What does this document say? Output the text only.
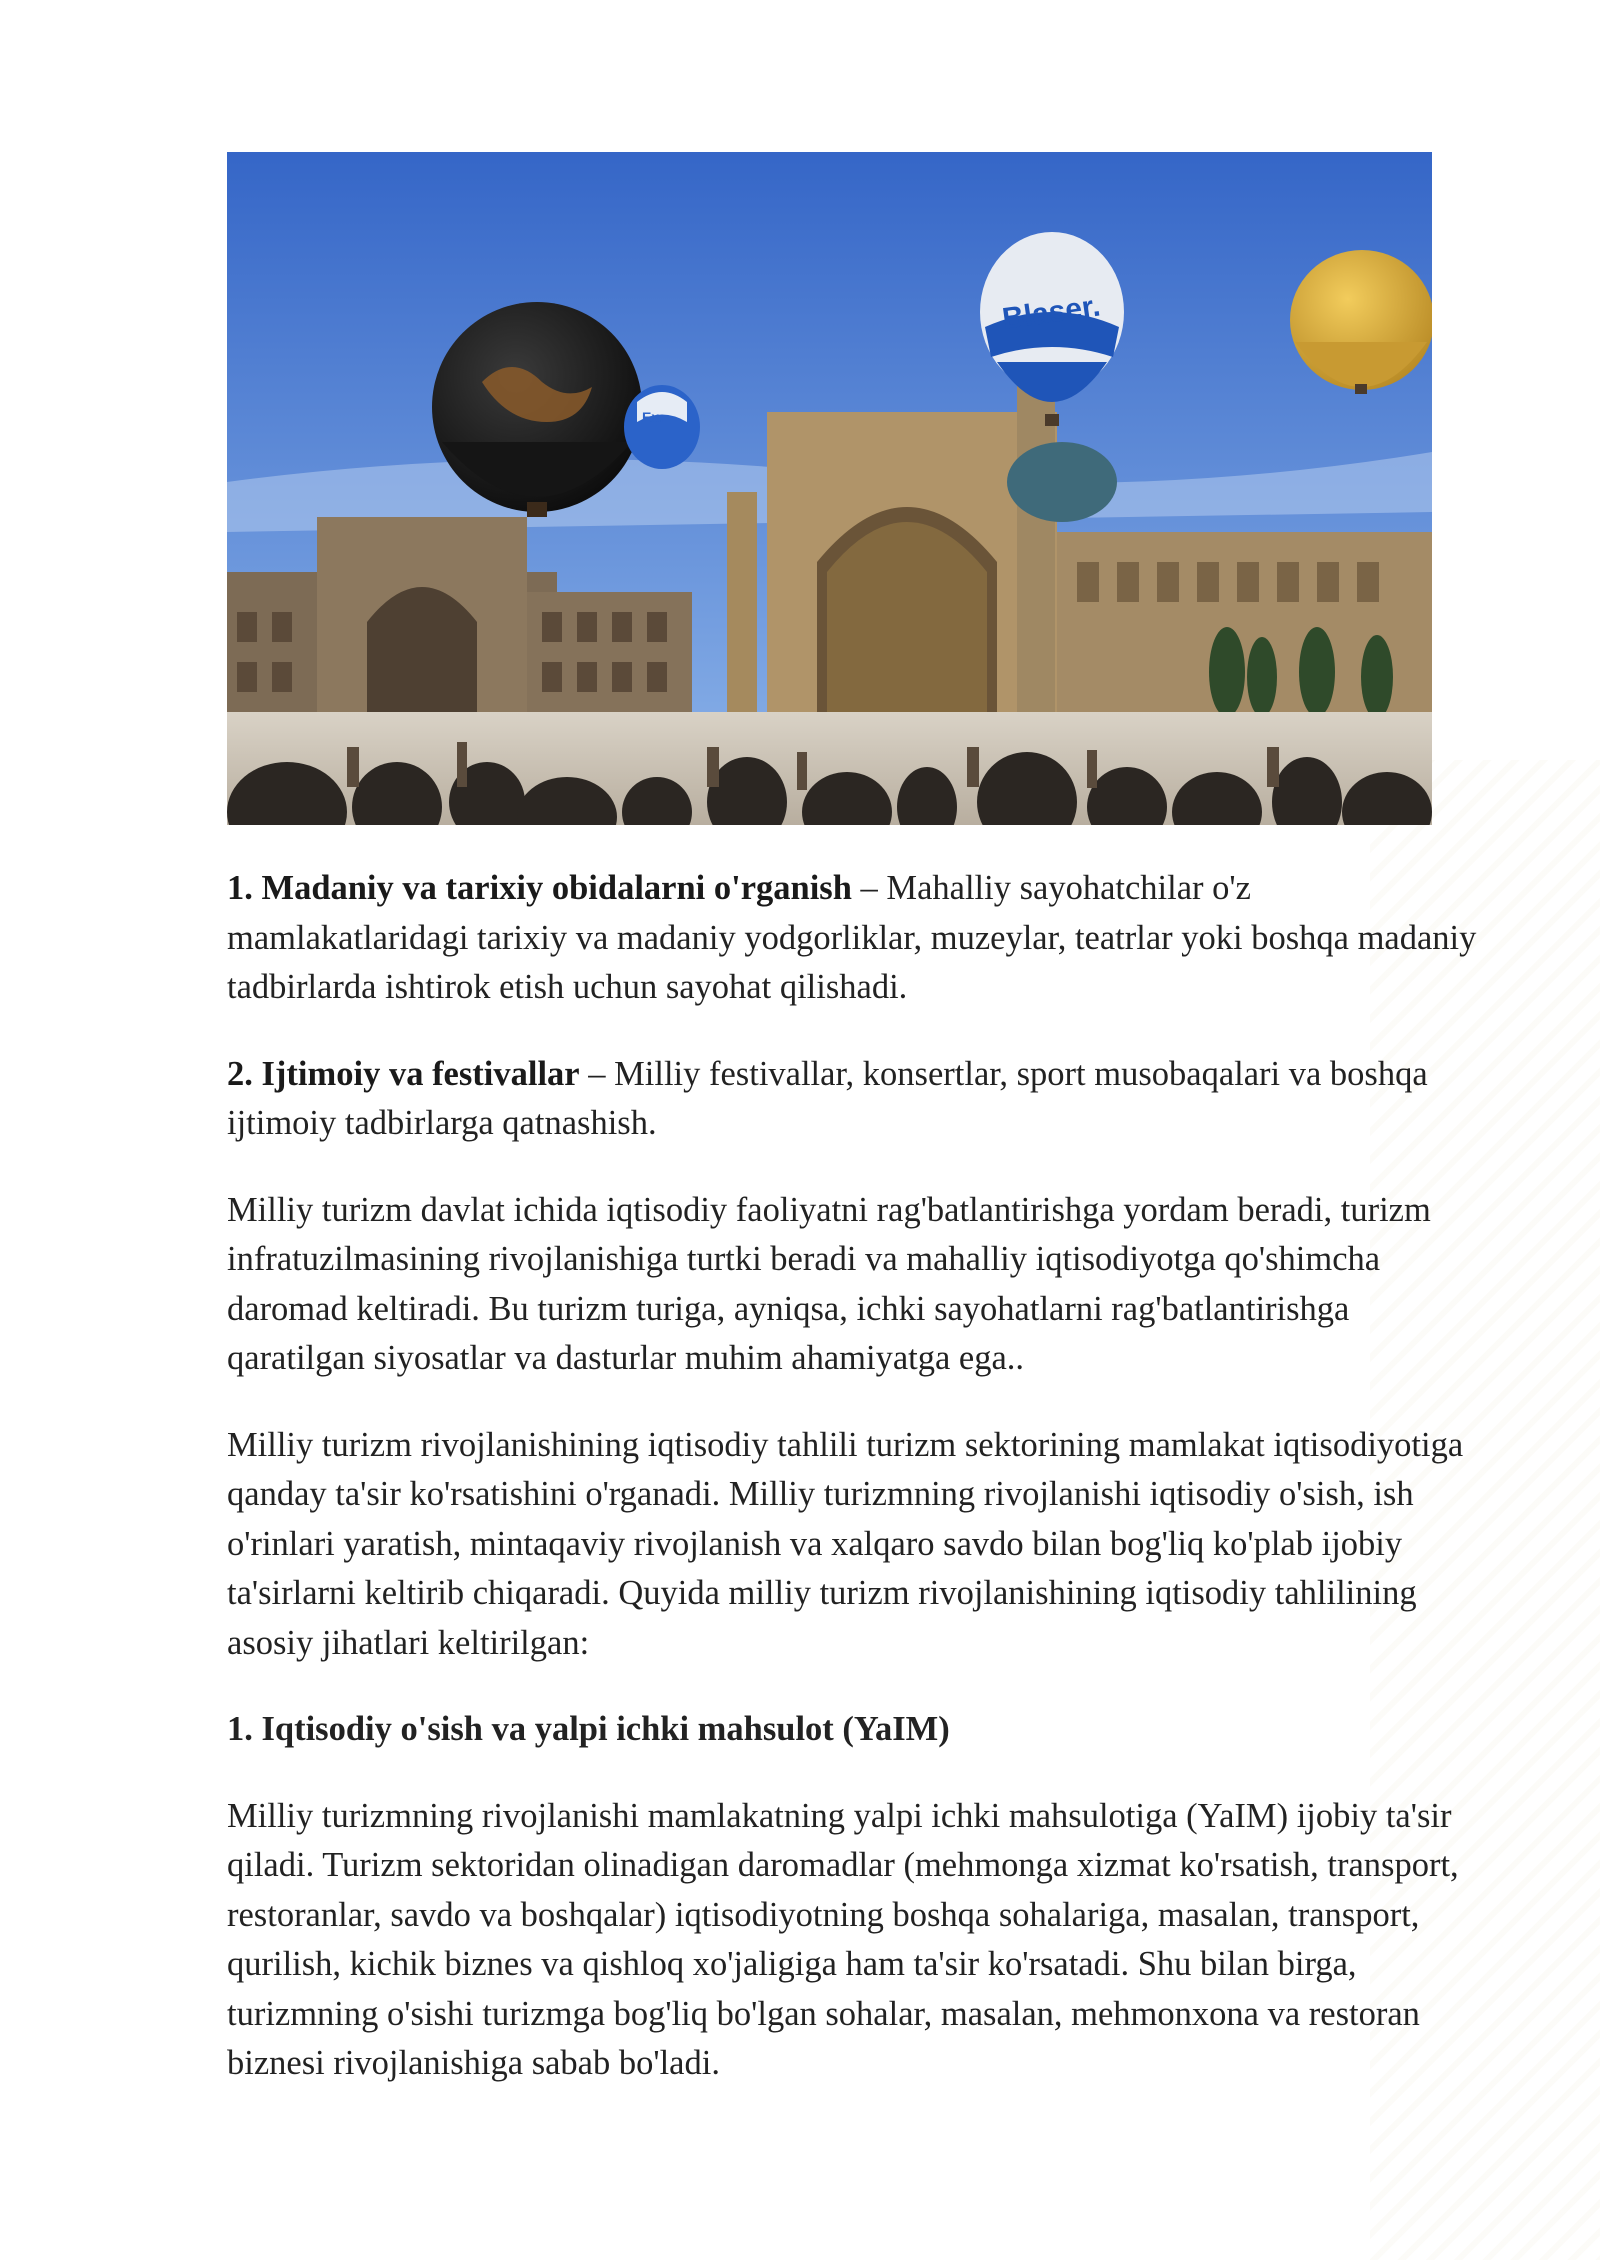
Ex.
Blaser.

1. Madaniy va tarixiy obidalarni o'rganish – Mahalliy sayohatchilar o'z mamlakatlaridagi tarixiy va madaniy yodgorliklar, muzeylar, teatrlar yoki boshqa madaniy tadbirlarda ishtirok etish uchun sayohat qilishadi.

2. Ijtimoiy va festivallar – Milliy festivallar, konsertlar, sport musobaqalari va boshqa ijtimoiy tadbirlarga qatnashish.

Milliy turizm davlat ichida iqtisodiy faoliyatni rag'batlantirishga yordam beradi, turizm infratuzilmasining rivojlanishiga turtki beradi va mahalliy iqtisodiyotga qo'shimcha daromad keltiradi. Bu turizm turiga, ayniqsa, ichki sayohatlarni rag'batlantirishga qaratilgan siyosatlar va dasturlar muhim ahamiyatga ega..

Milliy turizm rivojlanishining iqtisodiy tahlili turizm sektorining mamlakat iqtisodiyotiga qanday ta'sir ko'rsatishini o'rganadi. Milliy turizmning rivojlanishi iqtisodiy o'sish, ish o'rinlari yaratish, mintaqaviy rivojlanish va xalqaro savdo bilan bog'liq ko'plab ijobiy ta'sirlarni keltirib chiqaradi. Quyida milliy turizm rivojlanishining iqtisodiy tahlilining asosiy jihatlari keltirilgan:

1. Iqtisodiy o'sish va yalpi ichki mahsulot (YaIM)

Milliy turizmning rivojlanishi mamlakatning yalpi ichki mahsulotiga (YaIM) ijobiy ta'sir qiladi. Turizm sektoridan olinadigan daromadlar (mehmonga xizmat ko'rsatish, transport, restoranlar, savdo va boshqalar) iqtisodiyotning boshqa sohalariga, masalan, transport, qurilish, kichik biznes va qishloq xo'jaligiga ham ta'sir ko'rsatadi. Shu bilan birga, turizmning o'sishi turizmga bog'liq bo'lgan sohalar, masalan, mehmonxona va restoran biznesi rivojlanishiga sabab bo'ladi.
